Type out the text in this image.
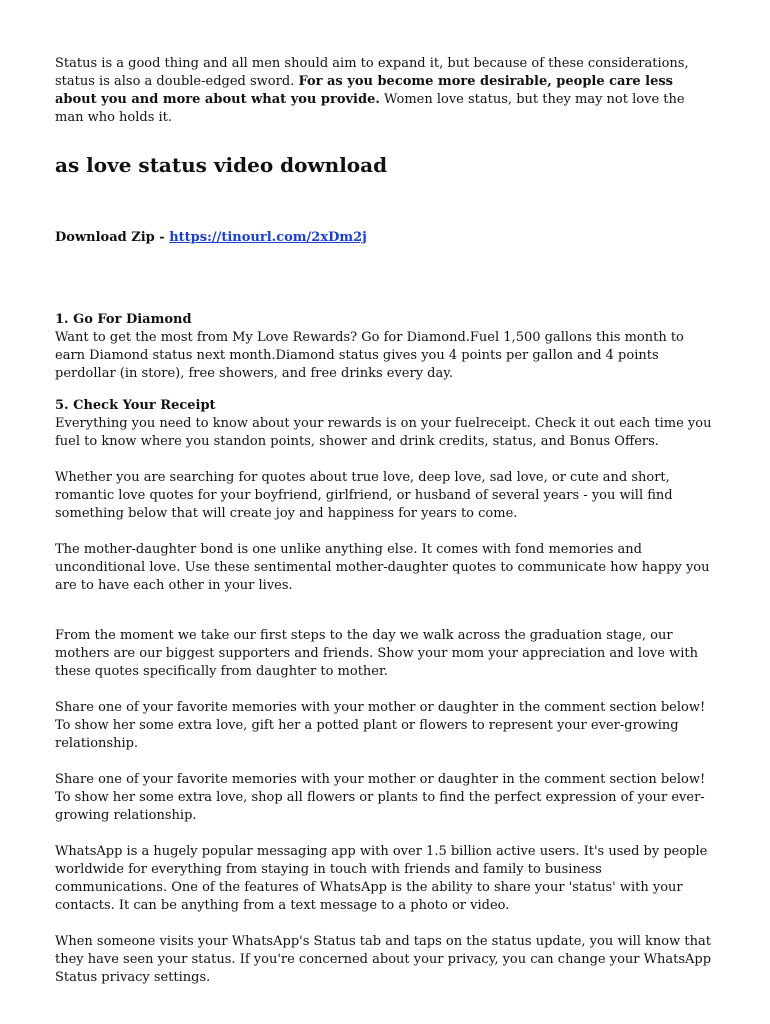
Status is a good thing and all men should aim to expand it, but because of these considerations, status is also a double-edged sword. For as you become more desirable, people care less about you and more about what you provide. Women love status, but they may not love the man who holds it.

as love status video download

Download Zip - https://tinourl.com/2xDm2j

1. Go For Diamond

Want to get the most from My Love Rewards? Go for Diamond.Fuel 1,500 gallons this month to earn Diamond status next month.Diamond status gives you 4 points per gallon and 4 points perdollar (in store), free showers, and free drinks every day.

5. Check Your Receipt

Everything you need to know about your rewards is on your fuelreceipt. Check it out each time you fuel to know where you standon points, shower and drink credits, status, and Bonus Offers.

Whether you are searching for quotes about true love, deep love, sad love, or cute and short, romantic love quotes for your boyfriend, girlfriend, or husband of several years - you will find something below that will create joy and happiness for years to come.

The mother-daughter bond is one unlike anything else. It comes with fond memories and unconditional love. Use these sentimental mother-daughter quotes to communicate how happy you are to have each other in your lives.

From the moment we take our first steps to the day we walk across the graduation stage, our mothers are our biggest supporters and friends. Show your mom your appreciation and love with these quotes specifically from daughter to mother.

Share one of your favorite memories with your mother or daughter in the comment section below! To show her some extra love, gift her a potted plant or flowers to represent your ever-growing relationship.

Share one of your favorite memories with your mother or daughter in the comment section below! To show her some extra love, shop all flowers or plants to find the perfect expression of your ever-growing relationship.

WhatsApp is a hugely popular messaging app with over 1.5 billion active users. It's used by people worldwide for everything from staying in touch with friends and family to business communications. One of the features of WhatsApp is the ability to share your 'status' with your contacts. It can be anything from a text message to a photo or video.

When someone visits your WhatsApp's Status tab and taps on the status update, you will know that they have seen your status. If you're concerned about your privacy, you can change your WhatsApp Status privacy settings.
